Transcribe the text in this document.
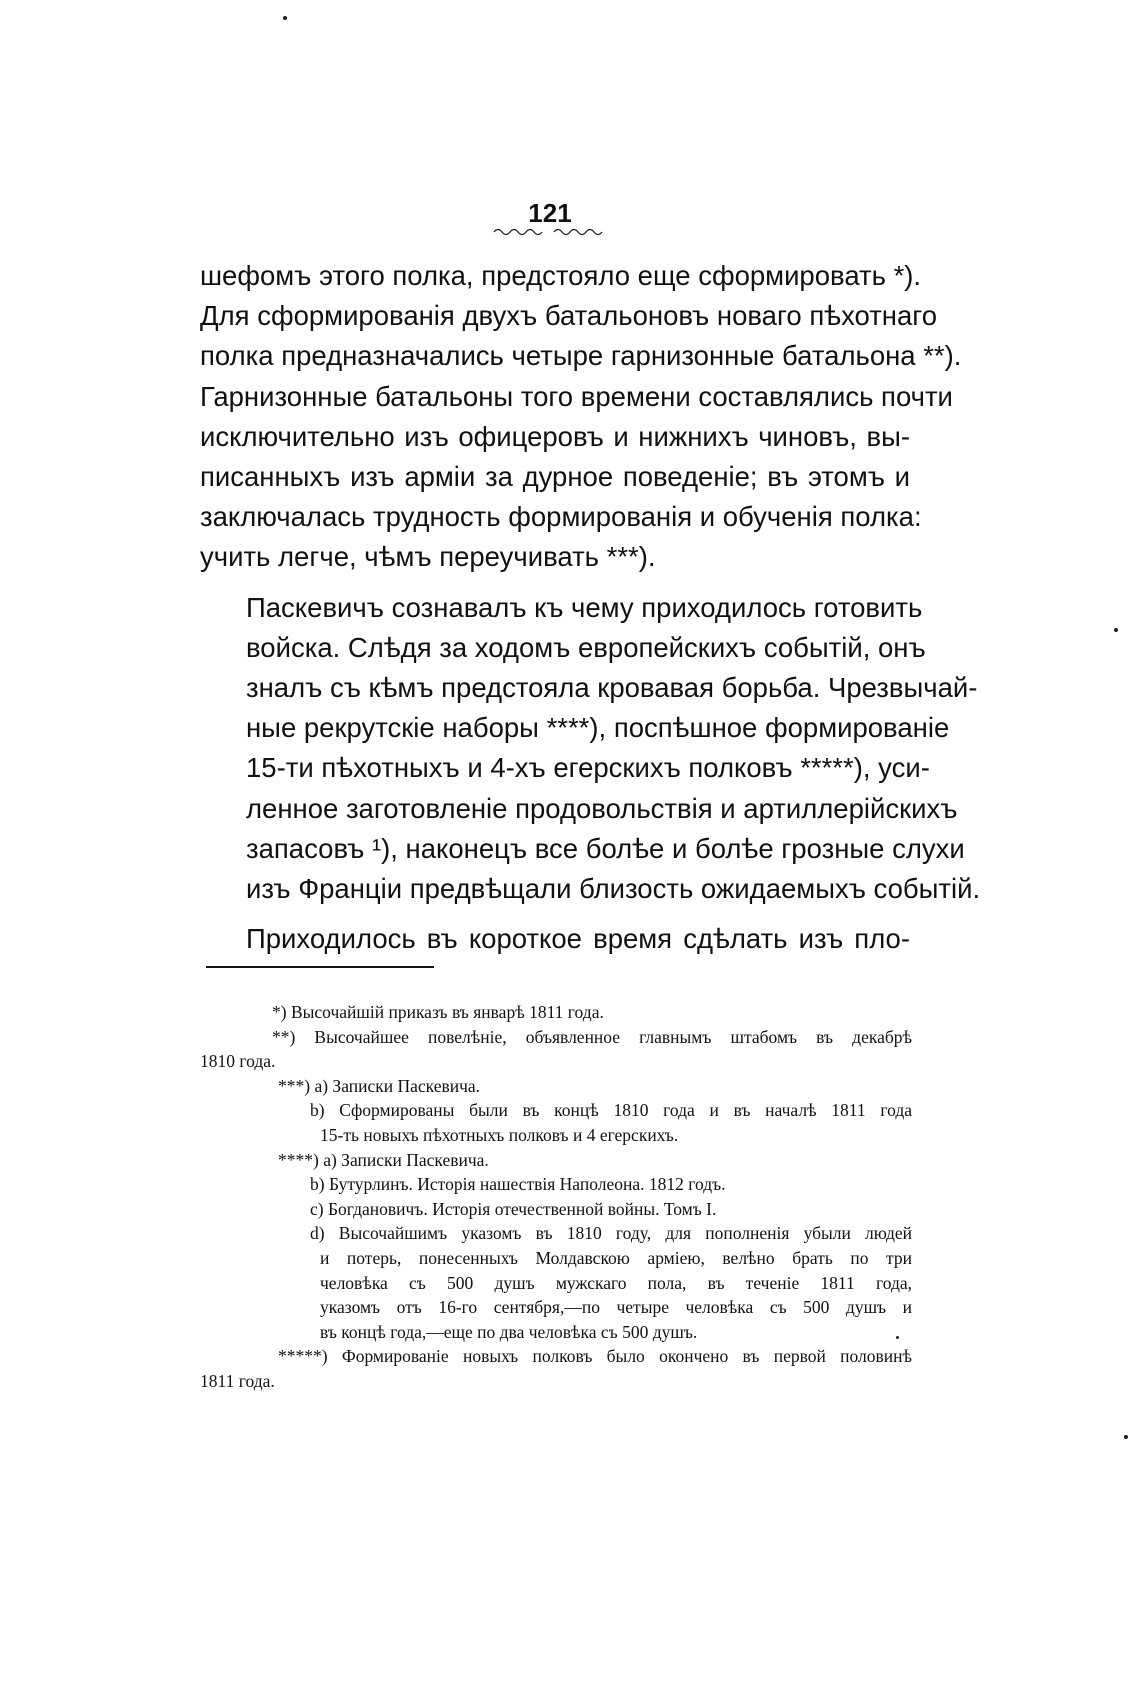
121

шефомъ этого полка, предстояло еще сформировать *).
Для сформированія двухъ батальоновъ новаго пѣхотнаго
полка предназначались четыре гарнизонные батальона **).
Гарнизонные батальоны того времени составлялись почти
исключительно изъ офицеровъ и нижнихъ чиновъ, вы-
писанныхъ изъ арміи за дурное поведеніе; въ этомъ и
заключалась трудность формированія и обученія полка:
учить легче, чѣмъ переучивать ***).

Паскевичъ сознавалъ къ чему приходилось готовить
войска. Слѣдя за ходомъ европейскихъ событій, онъ
зналъ съ кѣмъ предстояла кровавая борьба. Чрезвычай-
ные рекрутскіе наборы ****), поспѣшное формированіе
15-ти пѣхотныхъ и 4-хъ егерскихъ полковъ *****), уси-
ленное заготовленіе продовольствія и артиллерійскихъ
запасовъ ¹), наконецъ все болѣе и болѣе грозные слухи
изъ Франціи предвѣщали близость ожидаемыхъ событій.

Приходилось въ короткое время сдѣлать изъ пло-

*) Высочайшій приказъ въ январѣ 1811 года.
**) Высочайшее повелѣніе, объявленное главнымъ штабомъ въ декабрѣ
1810 года.
***) a) Записки Паскевича.
b) Сформированы были въ концѣ 1810 года и въ началѣ 1811 года
15-ть новыхъ пѣхотныхъ полковъ и 4 егерскихъ.
****) a) Записки Паскевича.
b) Бутурлинъ. Исторія нашествія Наполеона. 1812 годъ.
c) Богдановичъ. Исторія отечественной войны. Томъ I.
d) Высочайшимъ указомъ въ 1810 году, для пополненія убыли людей
и потерь, понесенныхъ Молдавскою арміею, велѣно брать по три
человѣка съ 500 душъ мужскаго пола, въ теченіе 1811 года,
указомъ отъ 16-го сентября,—по четыре человѣка съ 500 душъ и
въ концѣ года,—еще по два человѣка съ 500 душъ.
*****) Формированіе новыхъ полковъ было окончено въ первой половинѣ
1811 года.
